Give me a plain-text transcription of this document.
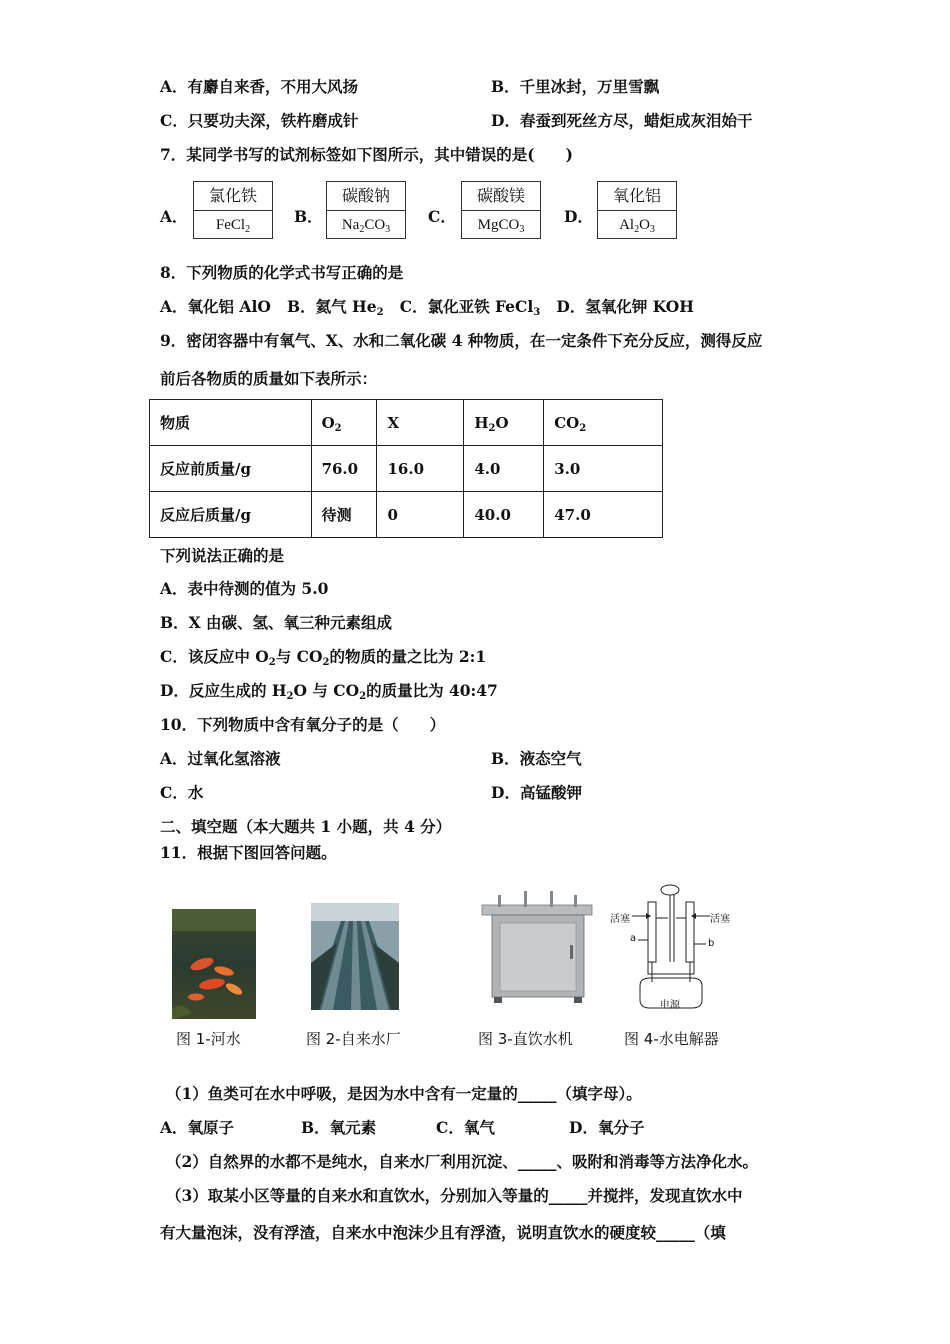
A．有麝自来香，不用大风扬	B．千里冰封，万里雪飘
C．只要功夫深，铁杵磨成针	D．春蚕到死丝方尽，蜡炬成灰泪始干
7．某同学书写的试剂标签如下图所示，其中错误的是(　　)
A．
氯化铁
FeCl$_2$
B．
碳酸钠
$Na_2CO_3$
C．
碳酸镁
MgCO$_3$
D．
氧化铝
$Al_2O_3$
8．下列物质的化学式书写正确的是
A．氧化铝 AlO B．氦气 $He_2$ C．氯化亚铁 FeCl$_3$ D．氢氧化钾 KOH
9．密闭容器中有氧气、X、水和二氧化碳 4 种物质，在一定条件下充分反应，测得反应
前后各物质的质量如下表所示：
物质	$O_2$	X	$H_2O$	$CO_2$
反应前质量/g	76.0	16.0	4.0	3.0
反应后质量/g	待测	0	40.0	47.0
下列说法正确的是
A．表中待测的值为 5.0
B．X 由碳、氢、氧三种元素组成
C．该反应中 $O_2$与 $CO_2$的物质的量之比为 2:1
D．反应生成的 $H_2O$ 与 $CO_2$的质量比为 40:47
10．下列物质中含有氧分子的是（　　）
A．过氧化氢溶液	B．液态空气
C．水	D．高锰酸钾
二、填空题（本大题共 1 小题，共 4 分）
11．根据下图回答问题。
活塞	活塞
a	b
电源
图 1-河水	图 2-自来水厂	图 3-直饮水机	图 4-水电解器
（1）鱼类可在水中呼吸，是因为水中含有一定量的_____（填字母）。
A．氧原子	B．氧元素	C．氧气	D．氧分子
（2）自然界的水都不是纯水，自来水厂利用沉淀、_____、吸附和消毒等方法净化水。
（3）取某小区等量的自来水和直饮水，分别加入等量的_____并搅拌，发现直饮水中
有大量泡沫，没有浮渣，自来水中泡沫少且有浮渣，说明直饮水的硬度较_____（填
